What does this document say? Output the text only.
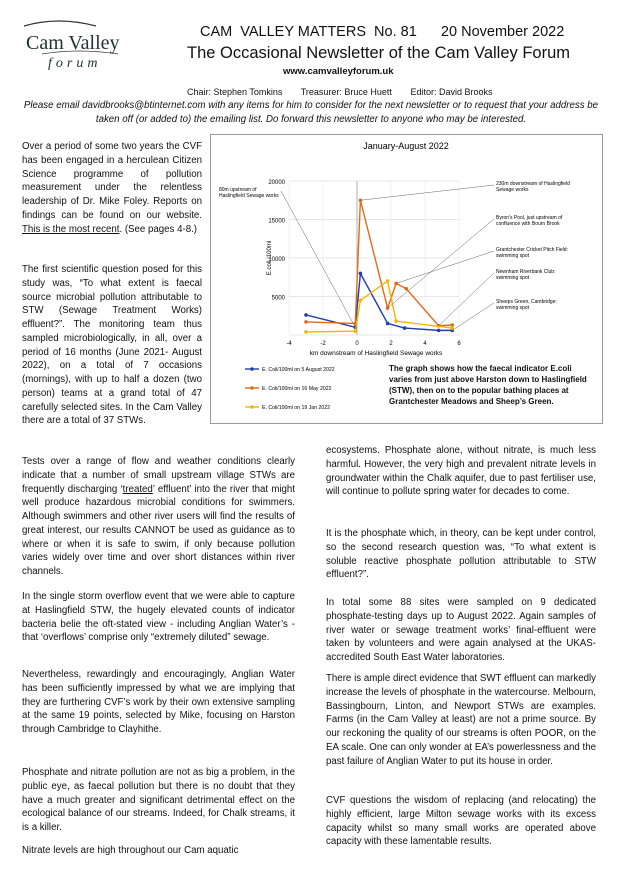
Cam Valley
forum
CAM  VALLEY MATTERS  No. 81      20 November 2022
The Occasional Newsletter of the Cam Valley Forum
www.camvalleyforum.uk
Chair: Stephen Tomkins Treasurer: Bruce Huett Editor: David Brooks
Please email davidbrooks@btinternet.com with any items for him to consider for the next newsletter or to request that your address be taken off (or added to) the emailing list. Do forward this newsletter to anyone who may be interested.
Over a period of some two years the CVF has been engaged in a herculean Citizen Science programme of pollution measurement under the relentless leadership of Dr. Mike Foley. Reports on findings can be found on our website. This is the most recent. (See pages 4-8.)
The first scientific question posed for this study was, “To what extent is faecal source microbial pollution attributable to STW (Sewage Treatment Works) effluent?”. The monitoring team thus sampled microbiologically, in all, over a period of 16 months (June 2021- August 2022), on a total of 7 occasions (mornings), with up to half a dozen (two person) teams at a grand total of 47 carefully selected sites. In the Cam Valley there are a total of 37 STWs.
Tests over a range of flow and weather conditions clearly indicate that a number of small upstream village STWs are frequently discharging ‘treated’ effluent’ into the river that might well produce hazardous microbial conditions for swimmers. Although swimmers and other river users will find the results of great interest, our results CANNOT be used as guidance as to where or when it is safe to swim, if only because pollution varies widely over time and over short distances within river channels.
In the single storm overflow event that we were able to capture at Haslingfield STW, the hugely elevated counts of indicator bacteria belie the oft-stated view - including Anglian Water’s - that ‘overflows’ comprise only “extremely diluted” sewage.
Nevertheless, rewardingly and encouragingly, Anglian Water has been sufficiently impressed by what we are implying that they are furthering CVF’s work by their own extensive sampling at the same 19 points, selected by Mike, focusing on Harston through Cambridge to Clayhithe.
Phosphate and nitrate pollution are not as big a problem, in the public eye, as faecal pollution but there is no doubt that they have a much greater and significant detrimental effect on the ecological balance of our streams. Indeed, for Chalk streams, it is a killer.
Nitrate levels are high throughout our Cam aquatic
ecosystems. Phosphate alone, without nitrate, is much less harmful. However, the very high and prevalent nitrate levels in groundwater within the Chalk aquifer, due to past fertiliser use, will continue to pollute spring water for decades to come.
It is the phosphate which, in theory, can be kept under control, so the second research question was, “To what extent is soluble reactive phosphate pollution attributable to STW effluent?”.
In total some 88 sites were sampled on 9 dedicated phosphate-testing days up to August 2022. Again samples of river water or sewage treatment works’ final-effluent were taken by volunteers and were again analysed at the UKAS-accredited South East Water laboratories.
There is ample direct evidence that SWT effluent can markedly increase the levels of phosphate in the watercourse. Melbourn, Bassingbourn, Linton, and Newport STWs are examples. Farms (in the Cam Valley at least) are not a prime source. By our reckoning the quality of our streams is often POOR, on the EA scale. One can only wonder at EA’s powerlessness and the past failure of Anglian Water to put its house in order.
CVF questions the wisdom of replacing (and relocating) the highly efficient, large Milton sewage works with its excess capacity whilst so many small works are operated above capacity with these lamentable results.
January-August 2022
5000
10000
15000
20000
-4	-2	0	2	4	6
E.coli /100ml
km downstream of Haslingfield Sewage works
E. Coli/100ml on 5 August 2022
E. Coli/100ml on 16 May 2022
E. Coli/100ml on 19 Jan 2022
80m upstream of Haslingfield Sewage works
230m downstream of Haslingfield Sewage works
Byron's Pool, just upstream of confluence with Bourn Brook
Grantchester Cricket Pitch Field: swimming spot
Newnham Riverbank Club: swimming spot
Sheeps Green, Cambridge: swimming spot
The graph shows how the faecal indicator E.coli varies from just above Harston down to Haslingfield (STW), then on to the popular bathing places at Grantchester Meadows and Sheep’s Green.
